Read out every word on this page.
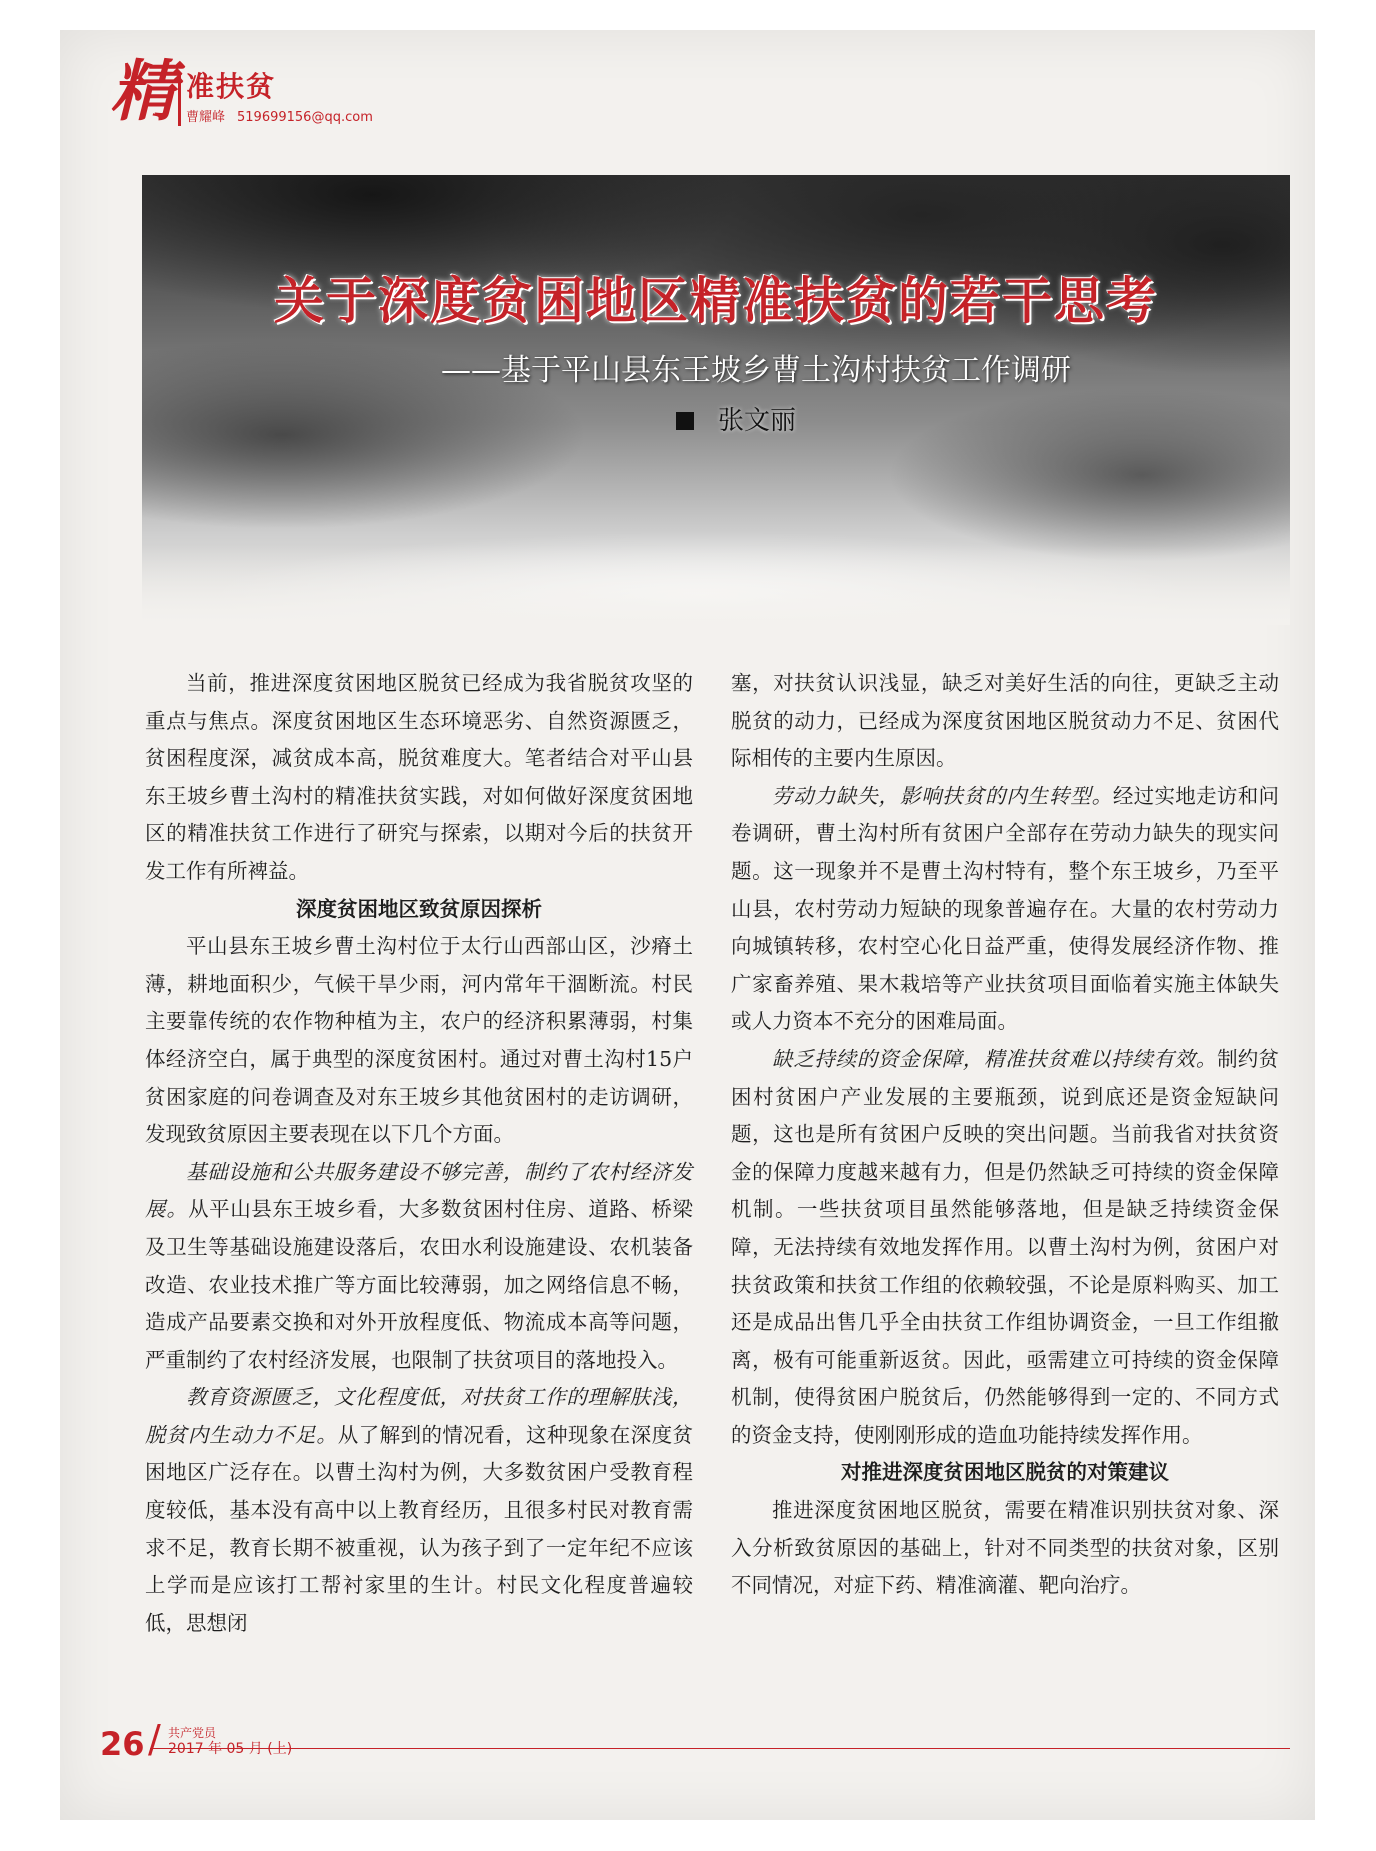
精 准扶贫
曹耀峰 519699156@qq.com
关于深度贫困地区精准扶贫的若干思考
——基于平山县东王坡乡曹土沟村扶贫工作调研
张文丽

当前，推进深度贫困地区脱贫已经成为我省脱贫攻坚的重点与焦点。深度贫困地区生态环境恶劣、自然资源匮乏，贫困程度深，减贫成本高，脱贫难度大。笔者结合对平山县东王坡乡曹土沟村的精准扶贫实践，对如何做好深度贫困地区的精准扶贫工作进行了研究与探索，以期对今后的扶贫开发工作有所裨益。

深度贫困地区致贫原因探析

平山县东王坡乡曹土沟村位于太行山西部山区，沙瘠土薄，耕地面积少，气候干旱少雨，河内常年干涸断流。村民主要靠传统的农作物种植为主，农户的经济积累薄弱，村集体经济空白，属于典型的深度贫困村。通过对曹土沟村15户贫困家庭的问卷调查及对东王坡乡其他贫困村的走访调研，发现致贫原因主要表现在以下几个方面。

基础设施和公共服务建设不够完善，制约了农村经济发展。从平山县东王坡乡看，大多数贫困村住房、道路、桥梁及卫生等基础设施建设落后，农田水利设施建设、农机装备改造、农业技术推广等方面比较薄弱，加之网络信息不畅，造成产品要素交换和对外开放程度低、物流成本高等问题，严重制约了农村经济发展，也限制了扶贫项目的落地投入。

教育资源匮乏，文化程度低，对扶贫工作的理解肤浅，脱贫内生动力不足。从了解到的情况看，这种现象在深度贫困地区广泛存在。以曹土沟村为例，大多数贫困户受教育程度较低，基本没有高中以上教育经历，且很多村民对教育需求不足，教育长期不被重视，认为孩子到了一定年纪不应该上学而是应该打工帮衬家里的生计。村民文化程度普遍较低，思想闭

塞，对扶贫认识浅显，缺乏对美好生活的向往，更缺乏主动脱贫的动力，已经成为深度贫困地区脱贫动力不足、贫困代际相传的主要内生原因。

劳动力缺失，影响扶贫的内生转型。经过实地走访和问卷调研，曹土沟村所有贫困户全部存在劳动力缺失的现实问题。这一现象并不是曹土沟村特有，整个东王坡乡，乃至平山县，农村劳动力短缺的现象普遍存在。大量的农村劳动力向城镇转移，农村空心化日益严重，使得发展经济作物、推广家畜养殖、果木栽培等产业扶贫项目面临着实施主体缺失或人力资本不充分的困难局面。

缺乏持续的资金保障，精准扶贫难以持续有效。制约贫困村贫困户产业发展的主要瓶颈，说到底还是资金短缺问题，这也是所有贫困户反映的突出问题。当前我省对扶贫资金的保障力度越来越有力，但是仍然缺乏可持续的资金保障机制。一些扶贫项目虽然能够落地，但是缺乏持续资金保障，无法持续有效地发挥作用。以曹土沟村为例，贫困户对扶贫政策和扶贫工作组的依赖较强，不论是原料购买、加工还是成品出售几乎全由扶贫工作组协调资金，一旦工作组撤离，极有可能重新返贫。因此，亟需建立可持续的资金保障机制，使得贫困户脱贫后，仍然能够得到一定的、不同方式的资金支持，使刚刚形成的造血功能持续发挥作用。

对推进深度贫困地区脱贫的对策建议

推进深度贫困地区脱贫，需要在精准识别扶贫对象、深入分析致贫原因的基础上，针对不同类型的扶贫对象，区别不同情况，对症下药、精准滴灌、靶向治疗。

26 / 共产党员
2017 年 05 月 (上)
